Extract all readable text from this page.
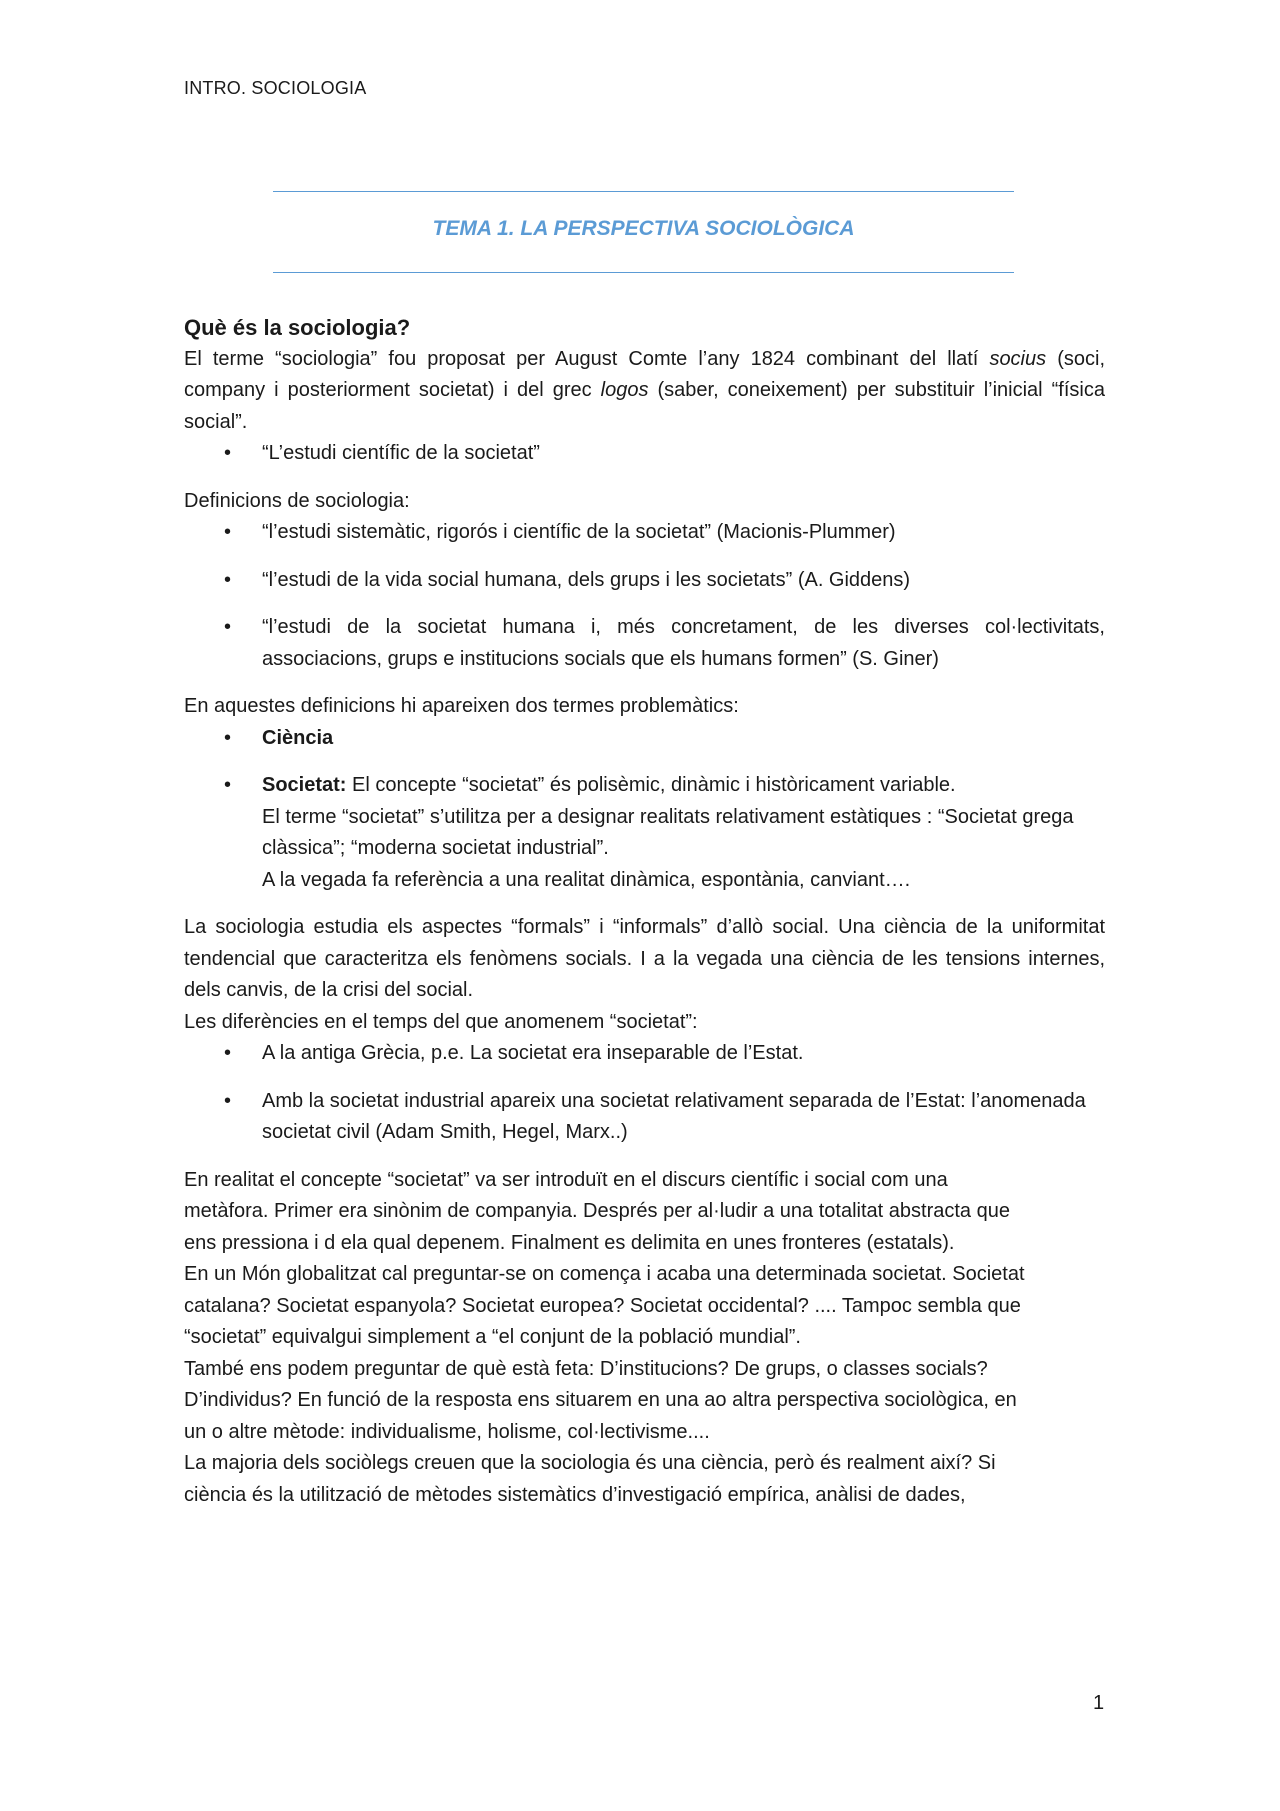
INTRO. SOCIOLOGIA
TEMA 1. LA PERSPECTIVA SOCIOLÒGICA

Què és la sociologia?

El terme “sociologia” fou proposat per August Comte l’any 1824 combinant del llatí socius (soci, company i posteriorment societat) i del grec logos (saber, coneixement) per substituir l’inicial “física social”.

• “L’estudi científic de la societat”

Definicions de sociologia:

• “l’estudi sistemàtic, rigorós i científic de la societat” (Macionis-Plummer)
• “l’estudi de la vida social humana, dels grups i les societats” (A. Giddens)
• “l’estudi de la societat humana i, més concretament, de les diverses col·lectivitats, associacions, grups e institucions socials que els humans formen” (S. Giner)

En aquestes definicions hi apareixen dos termes problemàtics:

• Ciència
• Societat: El concepte “societat” és polisèmic, dinàmic i històricament variable.
El terme “societat” s’utilitza per a designar realitats relativament estàtiques : “Societat grega clàssica”; “moderna societat industrial”.
A la vegada fa referència a una realitat dinàmica, espontània, canviant….

La sociologia estudia els aspectes “formals” i “informals” d’allò social. Una ciència de la uniformitat tendencial que caracteritza els fenòmens socials. I a la vegada una ciència de les tensions internes, dels canvis, de la crisi del social.

Les diferències en el temps del que anomenem “societat”:

• A la antiga Grècia, p.e. La societat era inseparable de l’Estat.
• Amb la societat industrial apareix una societat relativament separada de l’Estat: l’anomenada societat civil (Adam Smith, Hegel, Marx..)
En realitat el concepte “societat” va ser introduït en el discurs científic i social com una
metàfora. Primer era sinònim de companyia. Després per al·ludir a una totalitat abstracta que
ens pressiona i d ela qual depenem. Finalment es delimita en unes fronteres (estatals).
En un Món globalitzat cal preguntar-se on comença i acaba una determinada societat. Societat
catalana? Societat espanyola? Societat europea? Societat occidental? .... Tampoc sembla que
“societat” equivalgui simplement a “el conjunt de la població mundial”.
També ens podem preguntar de què està feta: D’institucions? De grups, o classes socials?
D’individus? En funció de la resposta ens situarem en una ao altra perspectiva sociològica, en
un o altre mètode: individualisme, holisme, col·lectivisme....
La majoria dels sociòlegs creuen que la sociologia és una ciència, però és realment així? Si
ciència és la utilització de mètodes sistemàtics d’investigació empírica, anàlisi de dades,
1
